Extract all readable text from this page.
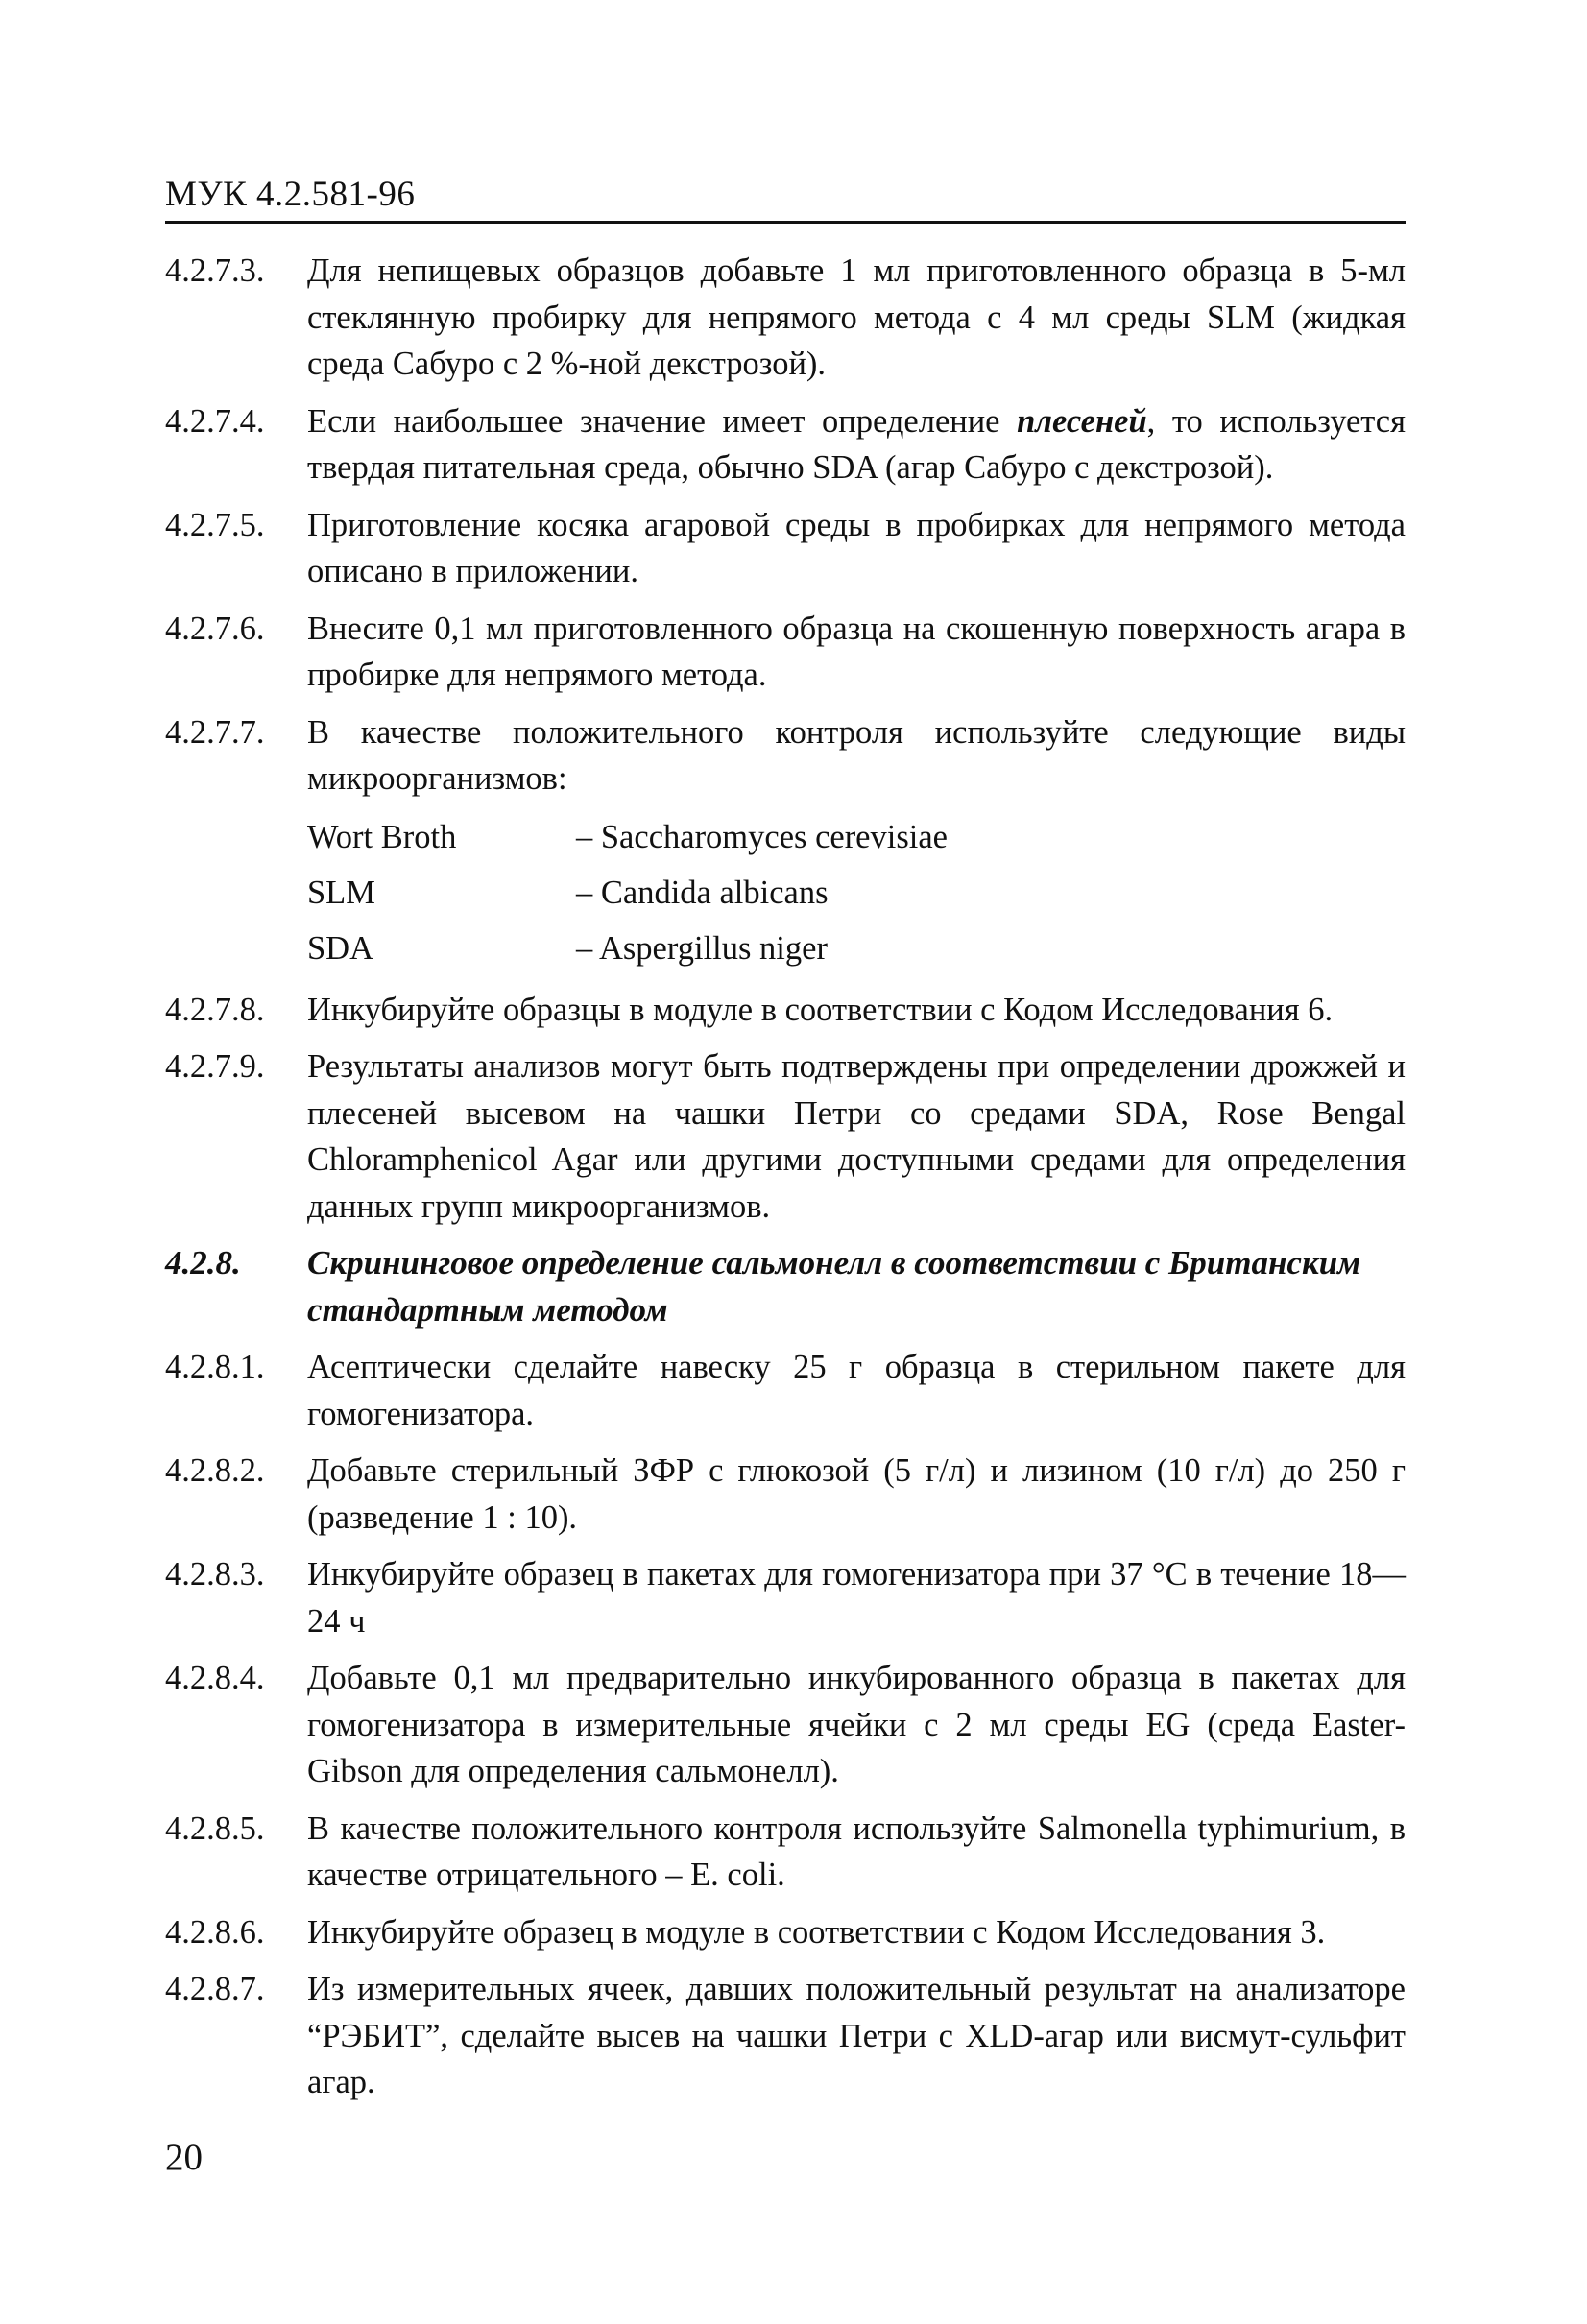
МУК 4.2.581-96
4.2.7.3.	Для непищевых образцов добавьте 1 мл приготовленного образца в 5-мл стеклянную пробирку для непрямого метода с 4 мл среды SLM (жидкая среда Сабуро с 2 %-ной декстрозой).
4.2.7.4.	Если наибольшее значение имеет определение плесеней, то используется твердая питательная среда, обычно SDA (агар Сабуро с декстрозой).
4.2.7.5.	Приготовление косяка агаровой среды в пробирках для непрямого метода описано в приложении.
4.2.7.6.	Внесите 0,1 мл приготовленного образца на скошенную поверхность агара в пробирке для непрямого метода.
4.2.7.7.	В качестве положительного контроля используйте следующие виды микроорганизмов:
Wort Broth	– Saccharomyces cerevisiae
SLM	– Candida albicans
SDA	– Aspergillus niger
4.2.7.8.	Инкубируйте образцы в модуле в соответствии с Кодом Исследования 6.
4.2.7.9.	Результаты анализов могут быть подтверждены при определении дрожжей и плесеней высевом на чашки Петри со средами SDA, Rose Bengal Chloramphenicol Agar или другими доступными средами для определения данных групп микроорганизмов.
4.2.8.	Скрининговое определение сальмонелл в соответствии с Британским стандартным методом
4.2.8.1.	Асептически сделайте навеску 25 г образца в стерильном пакете для гомогенизатора.
4.2.8.2.	Добавьте стерильный ЗФР с глюкозой (5 г/л) и лизином (10 г/л) до 250 г (разведение 1 : 10).
4.2.8.3.	Инкубируйте образец в пакетах для гомогенизатора при 37 °С в течение 18—24 ч
4.2.8.4.	Добавьте 0,1 мл предварительно инкубированного образца в пакетах для гомогенизатора в измерительные ячейки с 2 мл среды EG (среда Easter-Gibson для определения сальмонелл).
4.2.8.5.	В качестве положительного контроля используйте Salmonella typhimurium, в качестве отрицательного – E. coli.
4.2.8.6.	Инкубируйте образец в модуле в соответствии с Кодом Исследования 3.
4.2.8.7.	Из измерительных ячеек, давших положительный результат на анализаторе “РЭБИТ”, сделайте высев на чашки Петри с XLD-агар или висмут-сульфит агар.
20
